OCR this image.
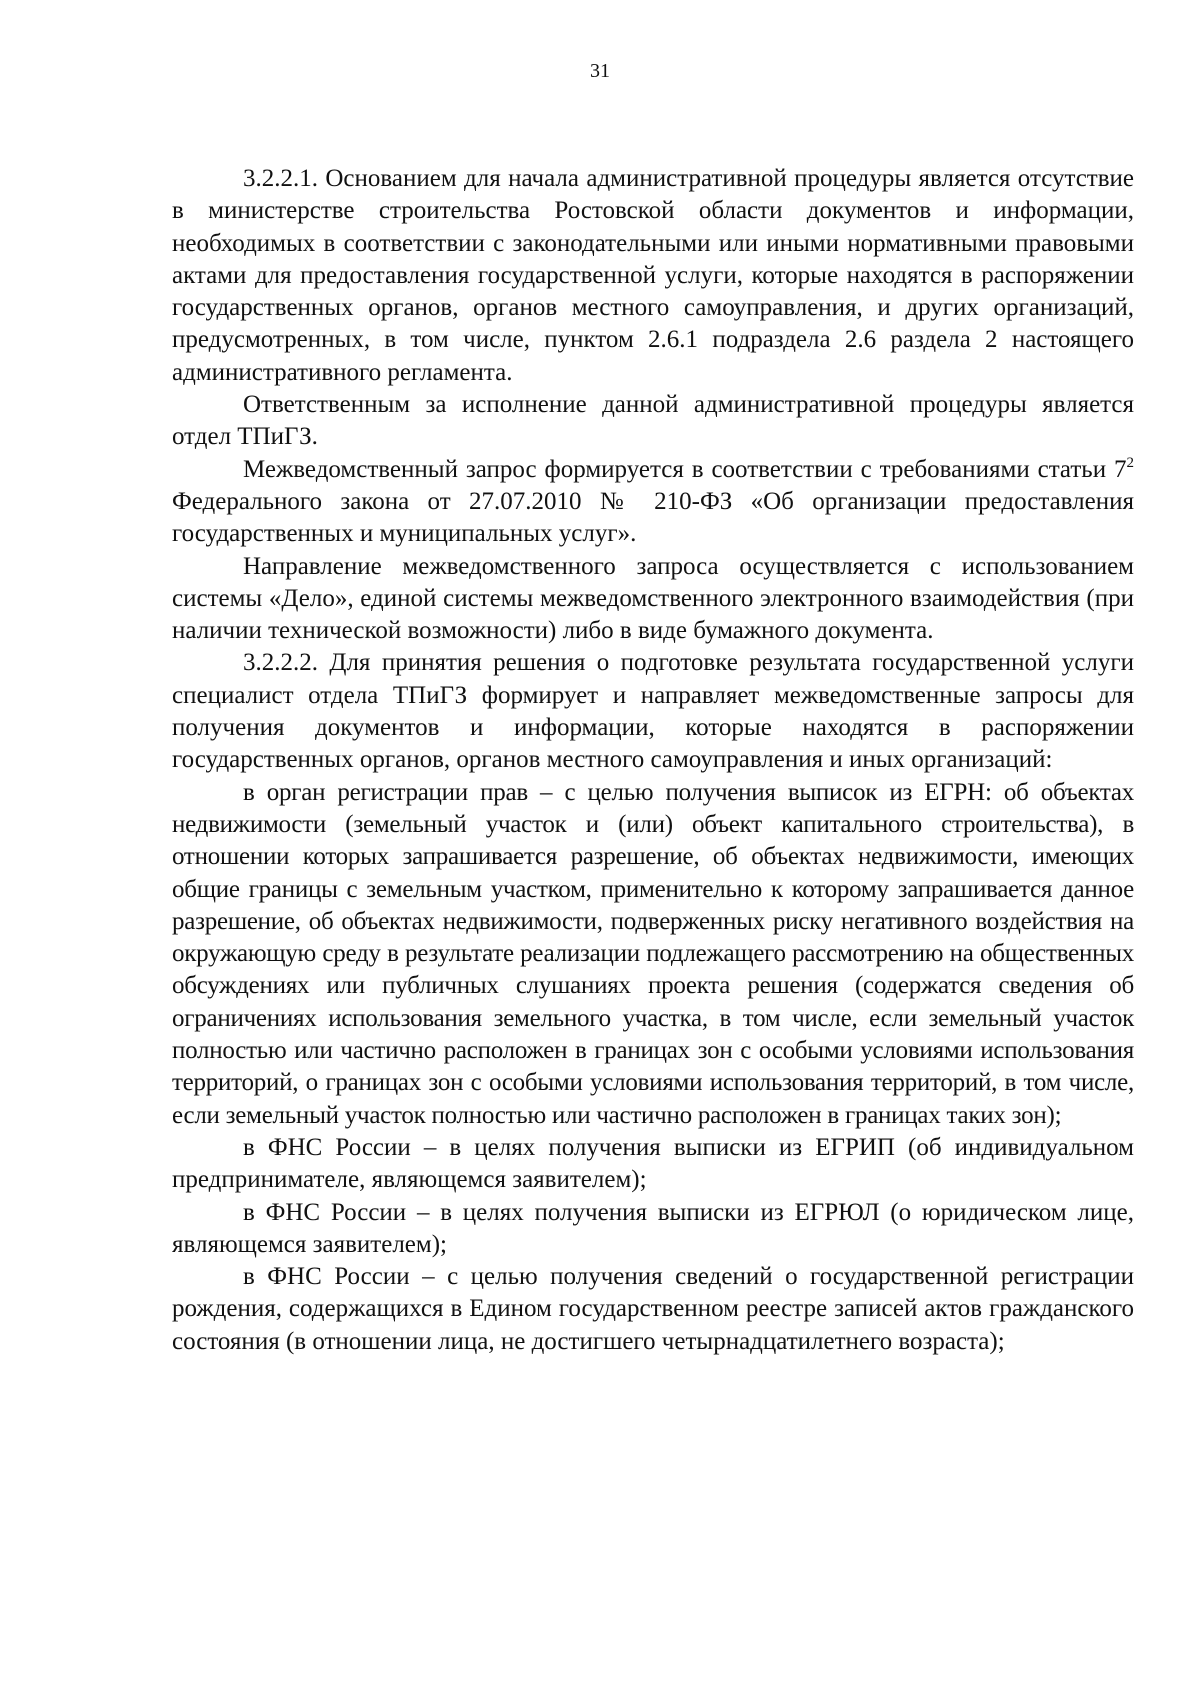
31

3.2.2.1. Основанием для начала административной процедуры является отсутствие в министерстве строительства Ростовской области документов и информации, необходимых в соответствии с законодательными или иными нормативными правовыми актами для предоставления государственной услуги, которые находятся в распоряжении государственных органов, органов местного самоуправления, и других организаций, предусмотренных, в том числе, пунктом 2.6.1 подраздела 2.6 раздела 2 настоящего административного регламента.

Ответственным за исполнение данной административной процедуры является отдел ТПиГЗ.

Межведомственный запрос формируется в соответствии с требованиями статьи $7^2$ Федерального закона от 27.07.2010 № 210-ФЗ «Об организации предоставления государственных и муниципальных услуг».

Направление межведомственного запроса осуществляется с использованием системы «Дело», единой системы межведомственного электронного взаимодействия (при наличии технической возможности) либо в виде бумажного документа.

3.2.2.2. Для принятия решения о подготовке результата государственной услуги специалист отдела ТПиГЗ формирует и направляет межведомственные запросы для получения документов и информации, которые находятся в распоряжении государственных органов, органов местного самоуправления и иных организаций:

в орган регистрации прав – с целью получения выписок из ЕГРН: об объектах недвижимости (земельный участок и (или) объект капитального строительства), в отношении которых запрашивается разрешение, об объектах недвижимости, имеющих общие границы с земельным участком, применительно к которому запрашивается данное разрешение, об объектах недвижимости, подверженных риску негативного воздействия на окружающую среду в результате реализации подлежащего рассмотрению на общественных обсуждениях или публичных слушаниях проекта решения (содержатся сведения об ограничениях использования земельного участка, в том числе, если земельный участок полностью или частично расположен в границах зон с особыми условиями использования территорий, о границах зон с особыми условиями использования территорий, в том числе, если земельный участок полностью или частично расположен в границах таких зон);

в ФНС России – в целях получения выписки из ЕГРИП (об индивидуальном предпринимателе, являющемся заявителем);

в ФНС России – в целях получения выписки из ЕГРЮЛ (о юридическом лице, являющемся заявителем);

в ФНС России – с целью получения сведений о государственной регистрации рождения, содержащихся в Едином государственном реестре записей актов гражданского состояния (в отношении лица, не достигшего четырнадцатилетнего возраста);
